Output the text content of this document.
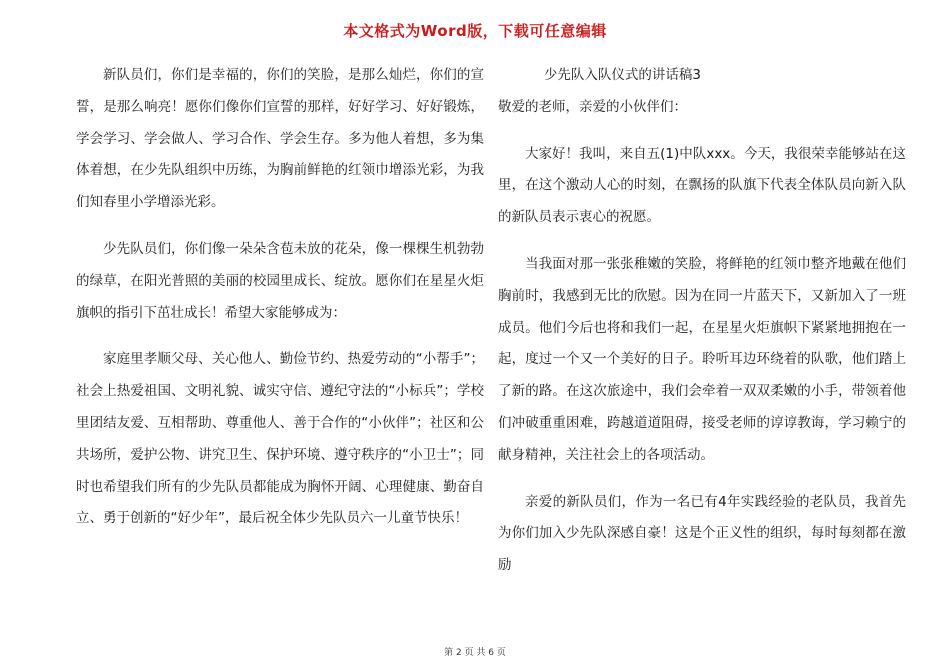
本文格式为Word版，下载可任意编辑

新队员们，你们是幸福的，你们的笑脸，是那么灿烂，你们的宣誓，是那么响亮！愿你们像你们宣誓的那样，好好学习、好好锻炼，学会学习、学会做人、学习合作、学会生存。多为他人着想，多为集体着想，在少先队组织中历练，为胸前鲜艳的红领巾增添光彩，为我们知春里小学增添光彩。

少先队员们，你们像一朵朵含苞未放的花朵，像一棵棵生机勃勃的绿草，在阳光普照的美丽的校园里成长、绽放。愿你们在星星火炬旗帜的指引下茁壮成长！希望大家能够成为：

家庭里孝顺父母、关心他人、勤俭节约、热爱劳动的“小帮手”；社会上热爱祖国、文明礼貌、诚实守信、遵纪守法的“小标兵”；学校里团结友爱、互相帮助、尊重他人、善于合作的“小伙伴”；社区和公共场所，爱护公物、讲究卫生、保护环境、遵守秩序的“小卫士”；同时也希望我们所有的少先队员都能成为胸怀开阔、心理健康、勤奋自立、勇于创新的“好少年”，最后祝全体少先队员六一儿童节快乐！

少先队入队仪式的讲话稿3

敬爱的老师，亲爱的小伙伴们：

大家好！我叫，来自五(1)中队xxx。今天，我很荣幸能够站在这里，在这个激动人心的时刻，在飘扬的队旗下代表全体队员向新入队的新队员表示衷心的祝愿。

当我面对那一张张稚嫩的笑脸，将鲜艳的红领巾整齐地戴在他们胸前时，我感到无比的欣慰。因为在同一片蓝天下，又新加入了一班成员。他们今后也将和我们一起，在星星火炬旗帜下紧紧地拥抱在一起，度过一个又一个美好的日子。聆听耳边环绕着的队歌，他们踏上了新的路。在这次旅途中，我们会牵着一双双柔嫩的小手，带领着他们冲破重重困难，跨越道道阻碍，接受老师的谆谆教诲，学习赖宁的献身精神，关注社会上的各项活动。

亲爱的新队员们，作为一名已有4年实践经验的老队员，我首先为你们加入少先队深感自豪！这是个正义性的组织，每时每刻都在激励

第 2 页 共 6 页
